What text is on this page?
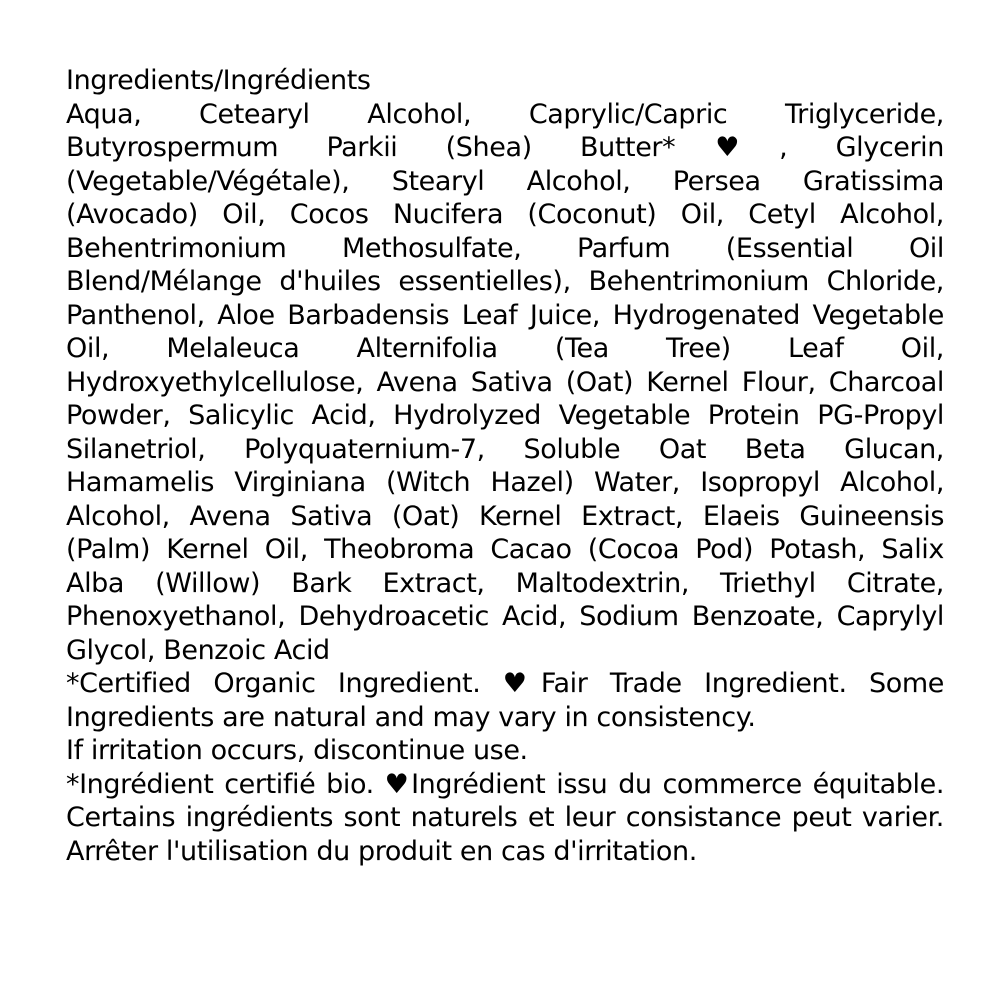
Ingredients/Ingrédients

Aqua, Cetearyl Alcohol, Caprylic/Capric Triglyceride, Butyrospermum Parkii (Shea) Butter*♥, Glycerin (Vegetable/Végétale), Stearyl Alcohol, Persea Gratissima (Avocado) Oil, Cocos Nucifera (Coconut) Oil, Cetyl Alcohol, Behentrimonium Methosulfate, Parfum (Essential Oil Blend/Mélange d'huiles essentielles), Behentrimonium Chloride, Panthenol, Aloe Barbadensis Leaf Juice, Hydrogenated Vegetable Oil, Melaleuca Alternifolia (Tea Tree) Leaf Oil, Hydroxyethylcellulose, Avena Sativa (Oat) Kernel Flour, Charcoal Powder, Salicylic Acid, Hydrolyzed Vegetable Protein PG-Propyl Silanetriol, Polyquaternium-7, Soluble Oat Beta Glucan, Hamamelis Virginiana (Witch Hazel) Water, Isopropyl Alcohol, Alcohol, Avena Sativa (Oat) Kernel Extract, Elaeis Guineensis (Palm) Kernel Oil, Theobroma Cacao (Cocoa Pod) Potash, Salix Alba (Willow) Bark Extract, Maltodextrin, Triethyl Citrate, Phenoxyethanol, Dehydroacetic Acid, Sodium Benzoate, Caprylyl Glycol, Benzoic Acid

*Certified Organic Ingredient. ♥Fair Trade Ingredient. Some Ingredients are natural and may vary in consistency.

If irritation occurs, discontinue use.

*Ingrédient certifié bio. ♥Ingrédient issu du commerce équitable. Certains ingrédients sont naturels et leur consistance peut varier. Arrêter l'utilisation du produit en cas d'irritation.
